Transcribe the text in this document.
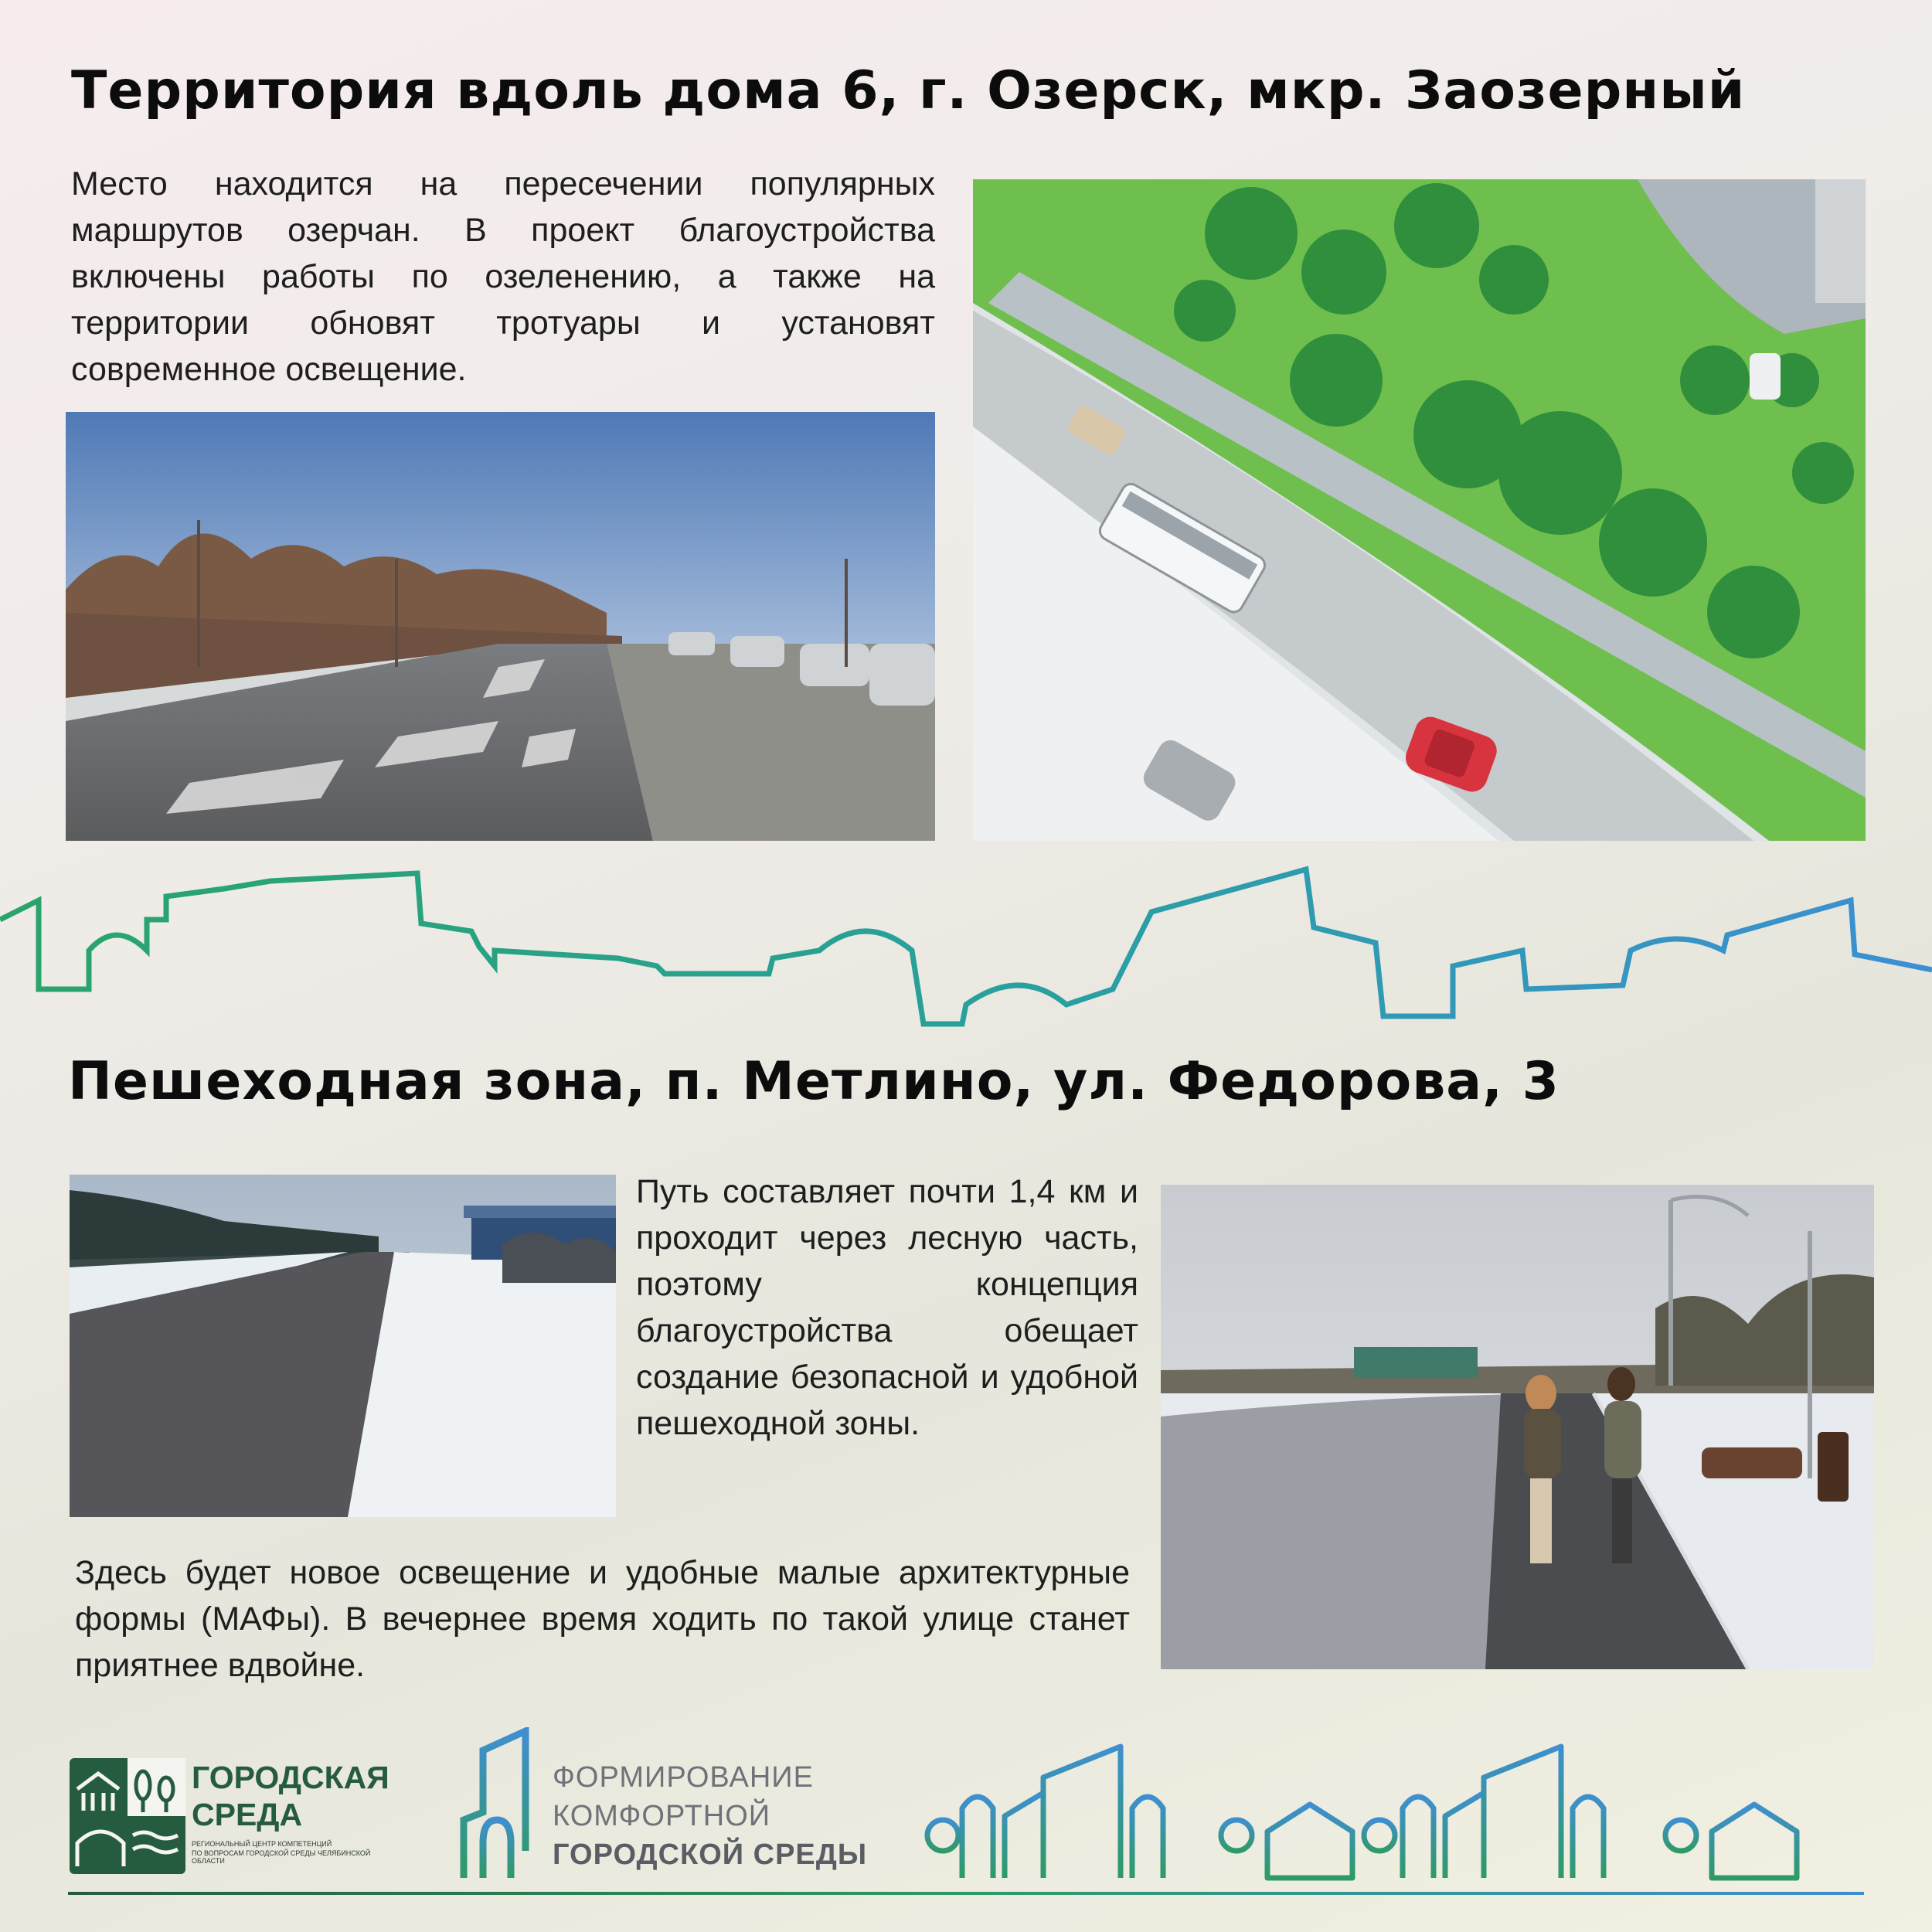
Территория вдоль дома 6, г. Озерск, мкр. Заозерный
Место находится на пересечении популярных маршрутов озерчан. В проект благоустройства включены работы по озеленению, а также на территории обновят тротуары и установят современное освещение.
Пешеходная зона, п. Метлино, ул. Федорова, 3
Путь составляет почти 1,4 км и проходит через лесную часть, поэтому концепция благоустройства обещает создание безопасной и удобной пешеходной зоны.
Здесь будет новое освещение и удобные малые архитектурные формы (МАФы). В вечернее время ходить по такой улице станет приятнее вдвойне.
ГОРОДСКАЯ
СРЕДА
РЕГИОНАЛЬНЫЙ ЦЕНТР КОМПЕТЕНЦИЙ
ПО ВОПРОСАМ ГОРОДСКОЙ СРЕДЫ ЧЕЛЯБИНСКОЙ ОБЛАСТИ
ФОРМИРОВАНИЕ
КОМФОРТНОЙ
ГОРОДСКОЙ СРЕДЫ
